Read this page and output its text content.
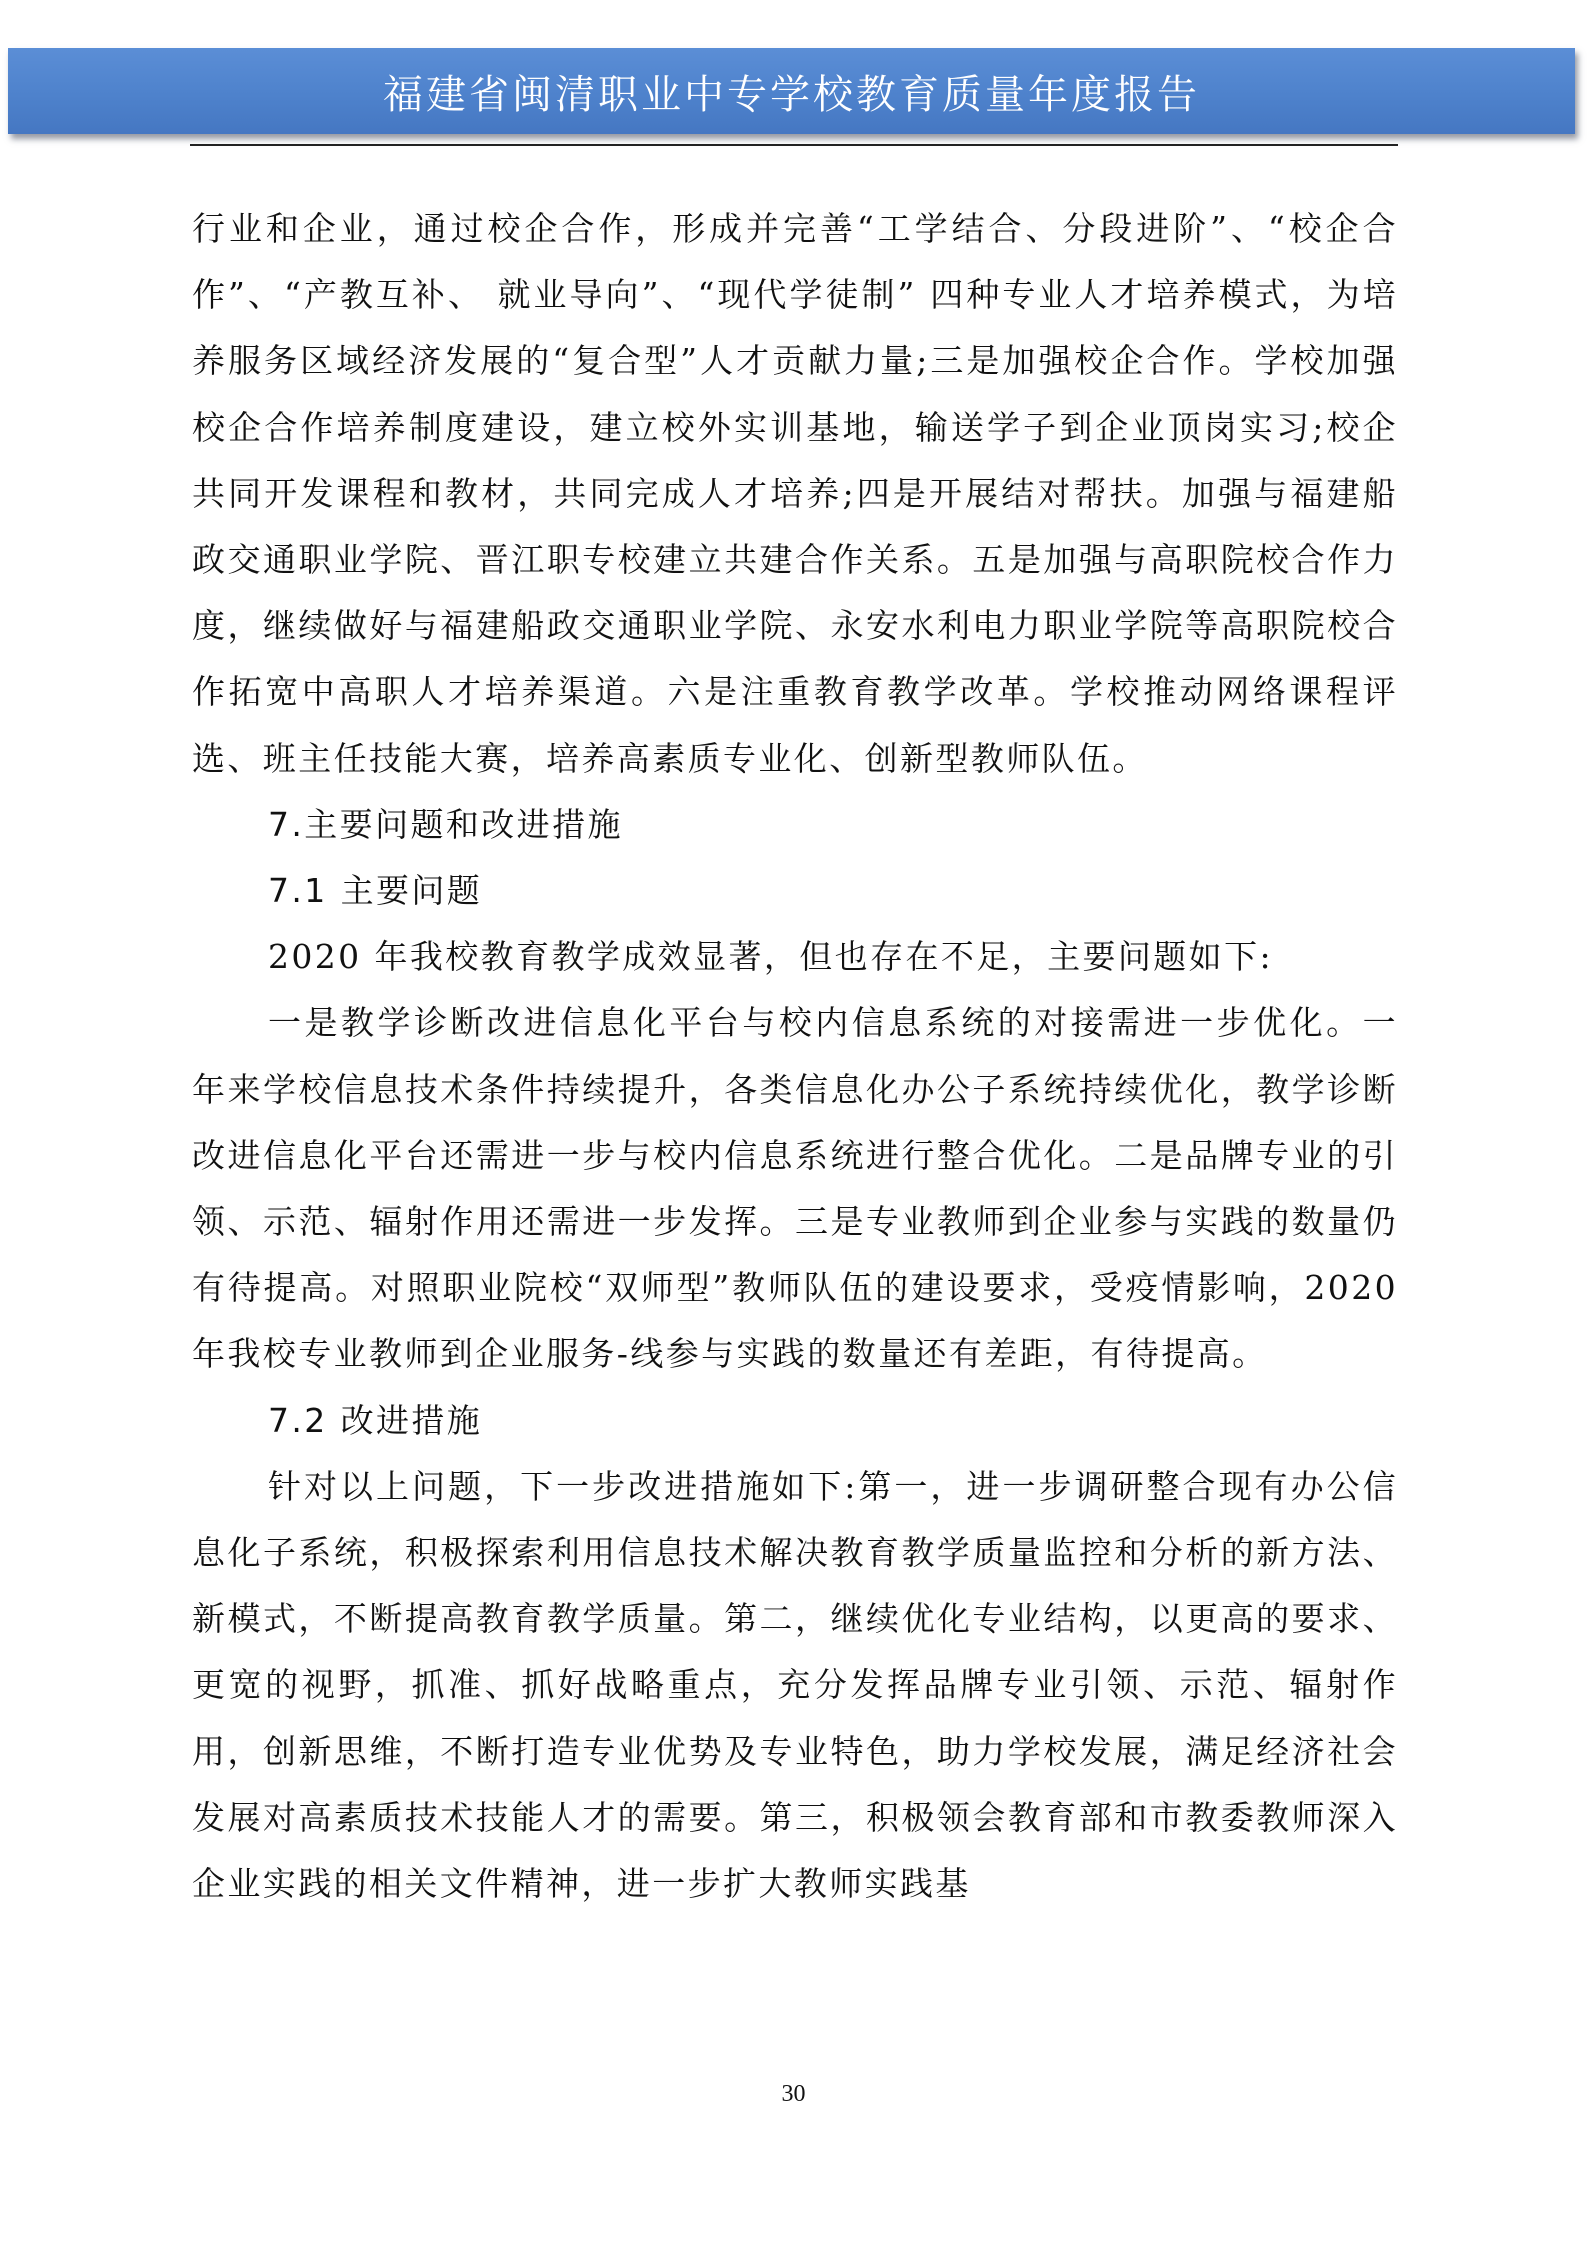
福建省闽清职业中专学校教育质量年度报告

行业和企业，通过校企合作，形成并完善“工学结合、分段进阶”、“校企合作”、“产教互补、 就业导向”、“现代学徒制” 四种专业人才培养模式，为培养服务区域经济发展的“复合型”人才贡献力量;三是加强校企合作。学校加强校企合作培养制度建设，建立校外实训基地，输送学子到企业顶岗实习;校企共同开发课程和教材，共同完成人才培养;四是开展结对帮扶。加强与福建船政交通职业学院、晋江职专校建立共建合作关系。五是加强与高职院校合作力度，继续做好与福建船政交通职业学院、永安水利电力职业学院等高职院校合作拓宽中高职人才培养渠道。六是注重教育教学改革。学校推动网络课程评选、班主任技能大赛，培养高素质专业化、创新型教师队伍。

7.主要问题和改进措施

7.1 主要问题

2020 年我校教育教学成效显著，但也存在不足，主要问题如下:

一是教学诊断改进信息化平台与校内信息系统的对接需进一步优化。一年来学校信息技术条件持续提升，各类信息化办公子系统持续优化，教学诊断改进信息化平台还需进一步与校内信息系统进行整合优化。二是品牌专业的引领、示范、辐射作用还需进一步发挥。三是专业教师到企业参与实践的数量仍有待提高。对照职业院校“双师型”教师队伍的建设要求，受疫情影响，2020 年我校专业教师到企业服务-线参与实践的数量还有差距，有待提高。

7.2 改进措施

针对以上问题，下一步改进措施如下:第一，进一步调研整合现有办公信息化子系统，积极探索利用信息技术解决教育教学质量监控和分析的新方法、新模式，不断提高教育教学质量。第二，继续优化专业结构，以更高的要求、更宽的视野，抓准、抓好战略重点，充分发挥品牌专业引领、示范、辐射作用，创新思维，不断打造专业优势及专业特色，助力学校发展，满足经济社会发展对高素质技术技能人才的需要。第三，积极领会教育部和市教委教师深入企业实践的相关文件精神，进一步扩大教师实践基

30
